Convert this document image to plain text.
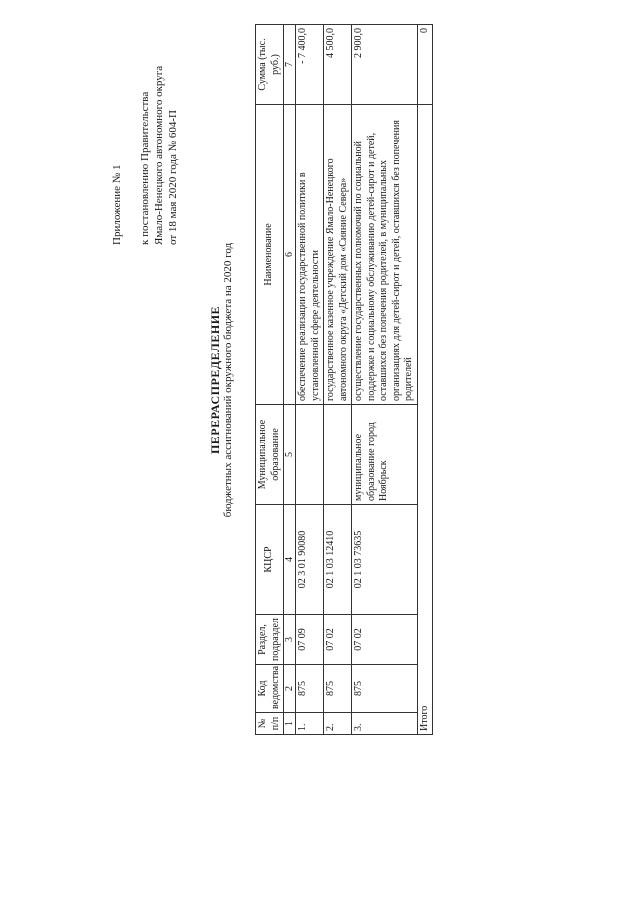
Приложение № 1 к постановлению Правительства Ямало-Ненецкого автономного округа от 18 мая 2020 года № 604-П
ПЕРЕРАСПРЕДЕЛЕНИЕ бюджетных ассигнований окружного бюджета на 2020 год
№ п/п	Код ведомства	Раздел, подраздел	КЦСР	Муниципальное образование	Наименование	Сумма (тыс. руб.)
1	2	3	4	5	6	7
1.	875	07 09	02 3 01 90080		обеспечение реализации государственной политики в установленной сфере деятельности	- 7 400,0
2.	875	07 02	02 1 03 12410		государственное казенное учреждение Ямало-Ненецкого автономного округа «Детский дом «Сияние Севера»	4 500,0
3.	875	07 02	02 1 03 73635	муниципальное образование город Ноябрьск	осуществление государственных полномочий по социальной поддержке и социальному обслуживанию детей-сирот и детей, оставшихся без попечения родителей, в муниципальных организациях для детей-сирот и детей, оставшихся без попечения родителей	2 900,0
Итого						0
